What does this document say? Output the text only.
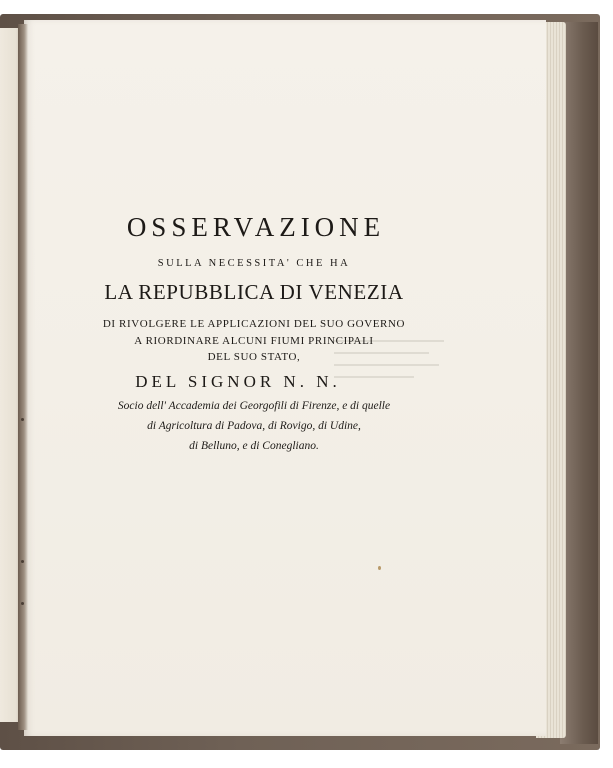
OSSERVAZIONE
SULLA NECESSITA' CHE HA
LA REPUBBLICA DI VENEZIA
DI RIVOLGERE LE APPLICAZIONI DEL SUO GOVERNO
A RIORDINARE ALCUNI FIUMI PRINCIPALI
DEL SUO STATO,
DEL SIGNOR N. N.
Socio dell' Accademia dei Georgofili di Firenze, e di quelle
di Agricoltura di Padova, di Rovigo, di Udine,
di Belluno, e di Conegliano.
